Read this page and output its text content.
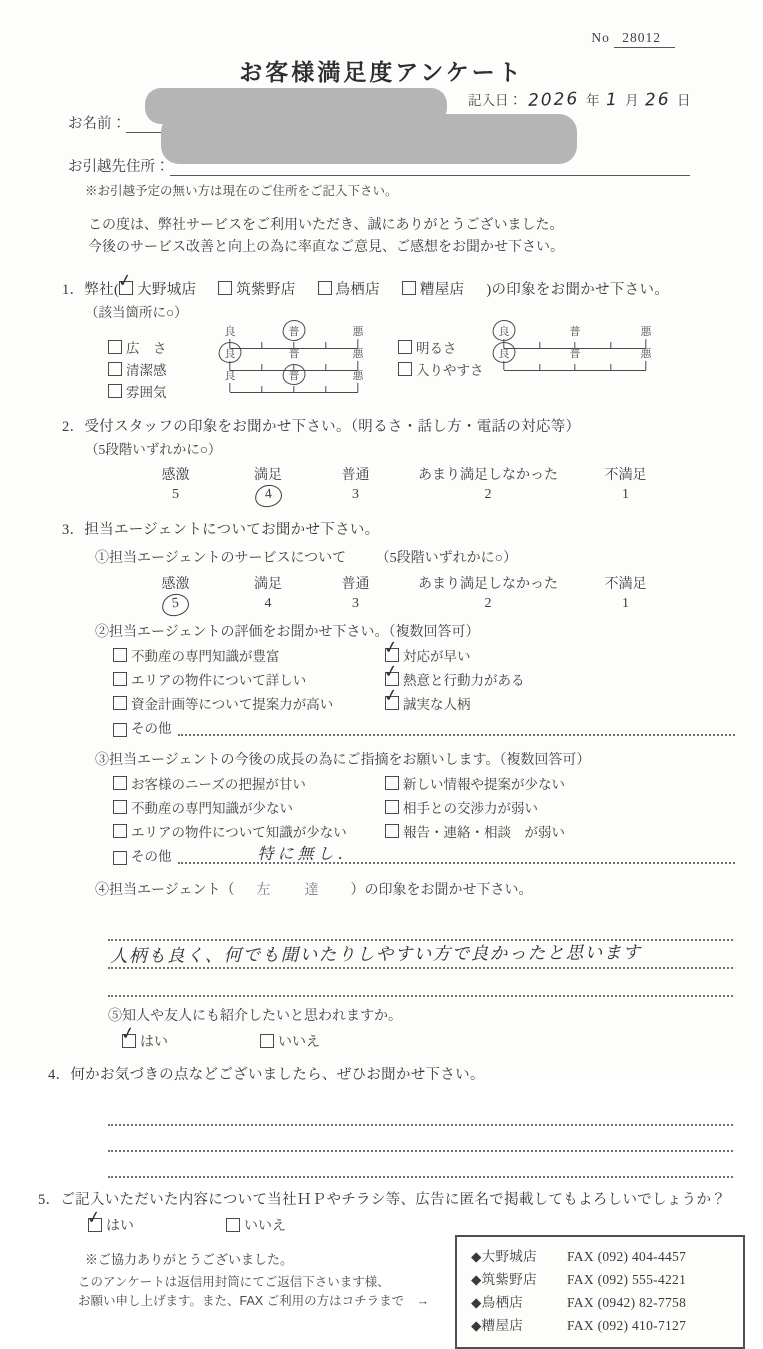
No 28012
お客様満足度アンケート
記入日： 2026 年 1 月 26 日
お名前：
お引越先住所：
※お引越予定の無い方は現在のご住所をご記入下さい。
この度は、弊社サービスをご利用いただき、誠にありがとうございました。
今後のサービス改善と向上の為に率直なご意見、ご感想をお聞かせ下さい。
1．弊社(
✓ 大野城店	筑紫野店	鳥栖店	糟屋店 )の印象をお聞かせ下さい。
（該当箇所に○）
広　さ
良	普	悪
清潔感
良	普	悪
雰囲気
良	普	悪
明るさ
良	普	悪
入りやすさ
良	普	悪
2．受付スタッフの印象をお聞かせ下さい。（明るさ・話し方・電話の対応等）
（5段階いずれかに○）
感激
5
満足
4
普通
3
あまり満足しなかった
2
不満足
1
3．担当エージェントについてお聞かせ下さい。
①担当エージェントのサービスについて （5段階いずれかに○）
感激
5
満足
4
普通
3
あまり満足しなかった
2
不満足
1
②担当エージェントの評価をお聞かせ下さい。（複数回答可）
不動産の専門知識が豊富	✓ 対応が早い
エリアの物件について詳しい	✓ 熱意と行動力がある
資金計画等について提案力が高い	✓ 誠実な人柄
その他
③担当エージェントの今後の成長の為にご指摘をお願いします。（複数回答可）
お客様のニーズの把握が甘い	新しい情報や提案が少ない
不動産の専門知識が少ない	相手との交渉力が弱い
エリアの物件について知識が少ない	報告・連絡・相談　が弱い
その他	特に無し．
④担当エージェント（ 左　達 ）の印象をお聞かせ下さい。
人柄も良く、何でも聞いたりしやすい方で良かったと思います
⑤知人や友人にも紹介したいと思われますか。
✓ はい	いいえ
4．何かお気づきの点などございましたら、ぜひお聞かせ下さい。
5．ご記入いただいた内容について当社ＨＰやチラシ等、広告に匿名で掲載してもよろしいでしょうか？
✓ はい	いいえ
※ご協力ありがとうございました。
このアンケートは返信用封筒にてご返信下さいます様、
お願い申し上げます。また、FAX ご利用の方はコチラまで　→
◆大野城店	FAX (092) 404-4457
◆筑紫野店	FAX (092) 555-4221
◆鳥栖店	FAX (0942) 82-7758
◆糟屋店	FAX (092) 410-7127
